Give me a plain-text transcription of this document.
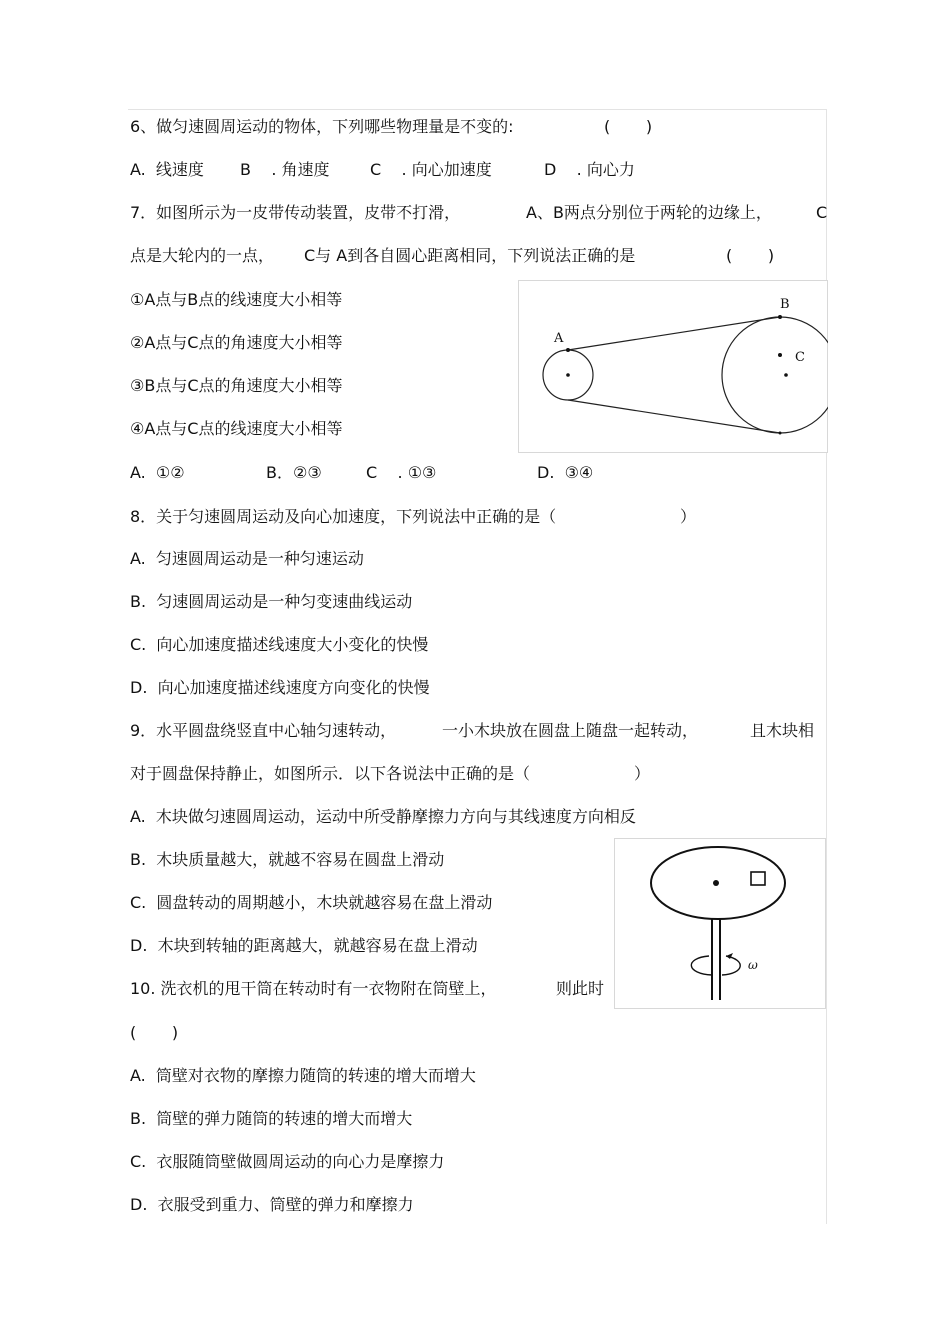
6、做匀速圆周运动的物体，下列哪些物理量是不变的:	(       )
A.  线速度 B    . 角速度	C    . 向心加速度	D    . 向心力
7．如图所示为一皮带传动装置，皮带不打滑，	A、B两点分别位于两轮的边缘上，	C
点是大轮内的一点， C与 A到各自圆心距离相同，下列说法正确的是	(       )
①A点与B点的线速度大小相等
②A点与C点的角速度大小相等
③B点与C点的角速度大小相等
④A点与C点的线速度大小相等
A
B
C
A.  ①②	B．②③	C    . ①③	D.  ③④
8．关于匀速圆周运动及向心加速度，下列说法中正确的是（	）
A.  匀速圆周运动是一种匀速运动
B.  匀速圆周运动是一种匀变速曲线运动
C.  向心加速度描述线速度大小变化的快慢
D.  向心加速度描述线速度方向变化的快慢
9．水平圆盘绕竖直中心轴匀速转动，	一小木块放在圆盘上随盘一起转动，	且木块相
对于圆盘保持静止，如图所示．以下各说法中正确的是（	）
A.  木块做匀速圆周运动，运动中所受静摩擦力方向与其线速度方向相反
B.  木块质量越大，就越不容易在圆盘上滑动
C.  圆盘转动的周期越小，木块就越容易在盘上滑动
D.  木块到转轴的距离越大，就越容易在盘上滑动
ω
10. 洗衣机的甩干筒在转动时有一衣物附在筒壁上，	则此时
(       )
A.  筒壁对衣物的摩擦力随筒的转速的增大而增大
B.  筒壁的弹力随筒的转速的增大而增大
C.  衣服随筒壁做圆周运动的向心力是摩擦力
D.  衣服受到重力、筒壁的弹力和摩擦力
